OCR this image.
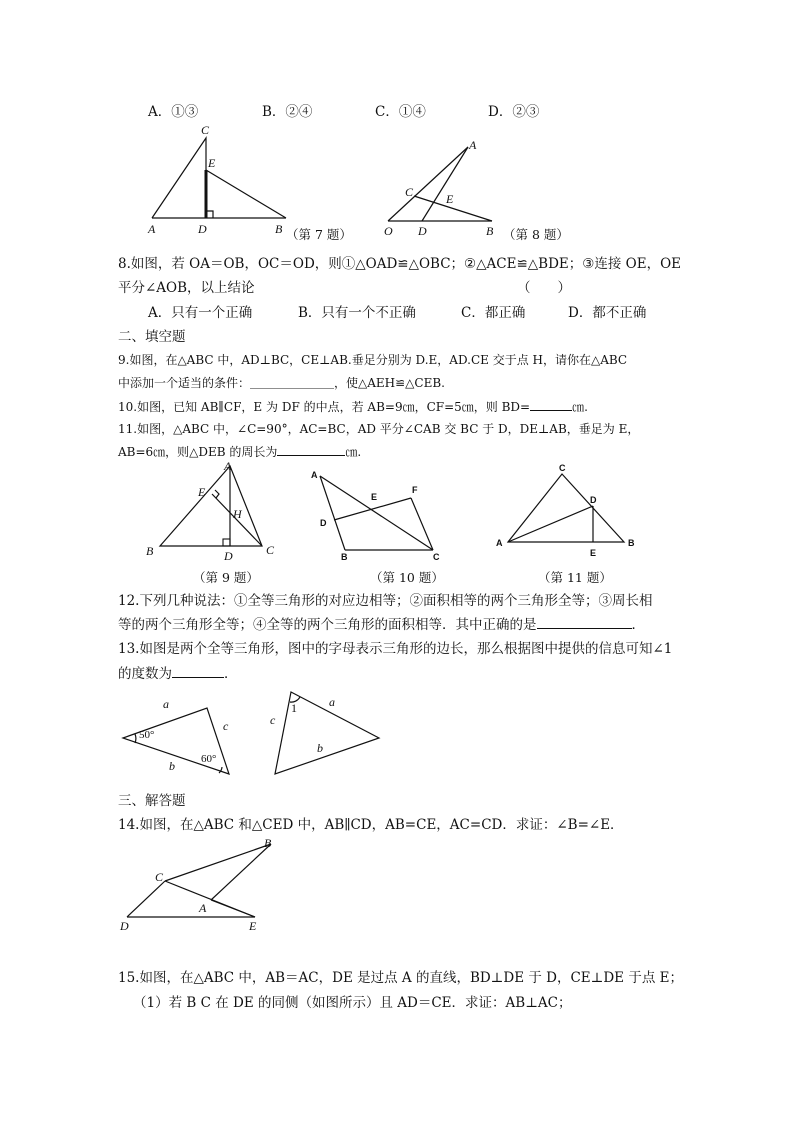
A．①③	B．②④	C．①④	D．②③
C
E
A	D	B （第 7 题）
A
C	E
O D	B （第 8 题）
8.如图，若 OA＝OB，OC＝OD，则①△OAD≌△OBC；②△ACE≌△BDE；③连接 OE，OE
平分∠AOB，以上结论	（　　）
A．只有一个正确	B．只有一个不正确	C．都正确	D．都不正确
二、填空题
9.如图，在△ABC 中，AD⊥BC，CE⊥AB.垂足分别为 D.E，AD.CE 交于点 H，请你在△ABC
中添加一个适当的条件：＿＿＿＿＿＿＿，使△AEH≌△CEB.
10.如图，已知 AB∥CF，E 为 DF 的中点，若 AB=9㎝，CF=5㎝，则 BD=	㎝.
11.如图，△ABC 中，∠C=90°，AC=BC，AD 平分∠CAB 交 BC 于 D，DE⊥AB，垂足为 E，
AB=6㎝，则△DEB 的周长为	㎝.
A
E
H
B	D	C
（第 9 题）
A
E
F
D
B	C
（第 10 题）
C
D
A
E
B
（第 11 题）
12.下列几种说法：①全等三角形的对应边相等；②面积相等的两个三角形全等；③周长相
等的两个三角形全等；④全等的两个三角形的面积相等．其中正确的是	．
13.如图是两个全等三角形，图中的字母表示三角形的边长，那么根据图中提供的信息可知∠1
的度数为	．
a
c
50°
60°
b
c
1	a
b
三、解答题
14.如图，在△ABC 和△CED 中，AB∥CD，AB=CE，AC=CD．求证：∠B=∠E．
B
C
A
D	E
15.如图，在△ABC 中，AB＝AC，DE 是过点 A 的直线，BD⊥DE 于 D，CE⊥DE 于点 E；
（1）若 B C 在 DE 的同侧（如图所示）且 AD＝CE．求证：AB⊥AC；
